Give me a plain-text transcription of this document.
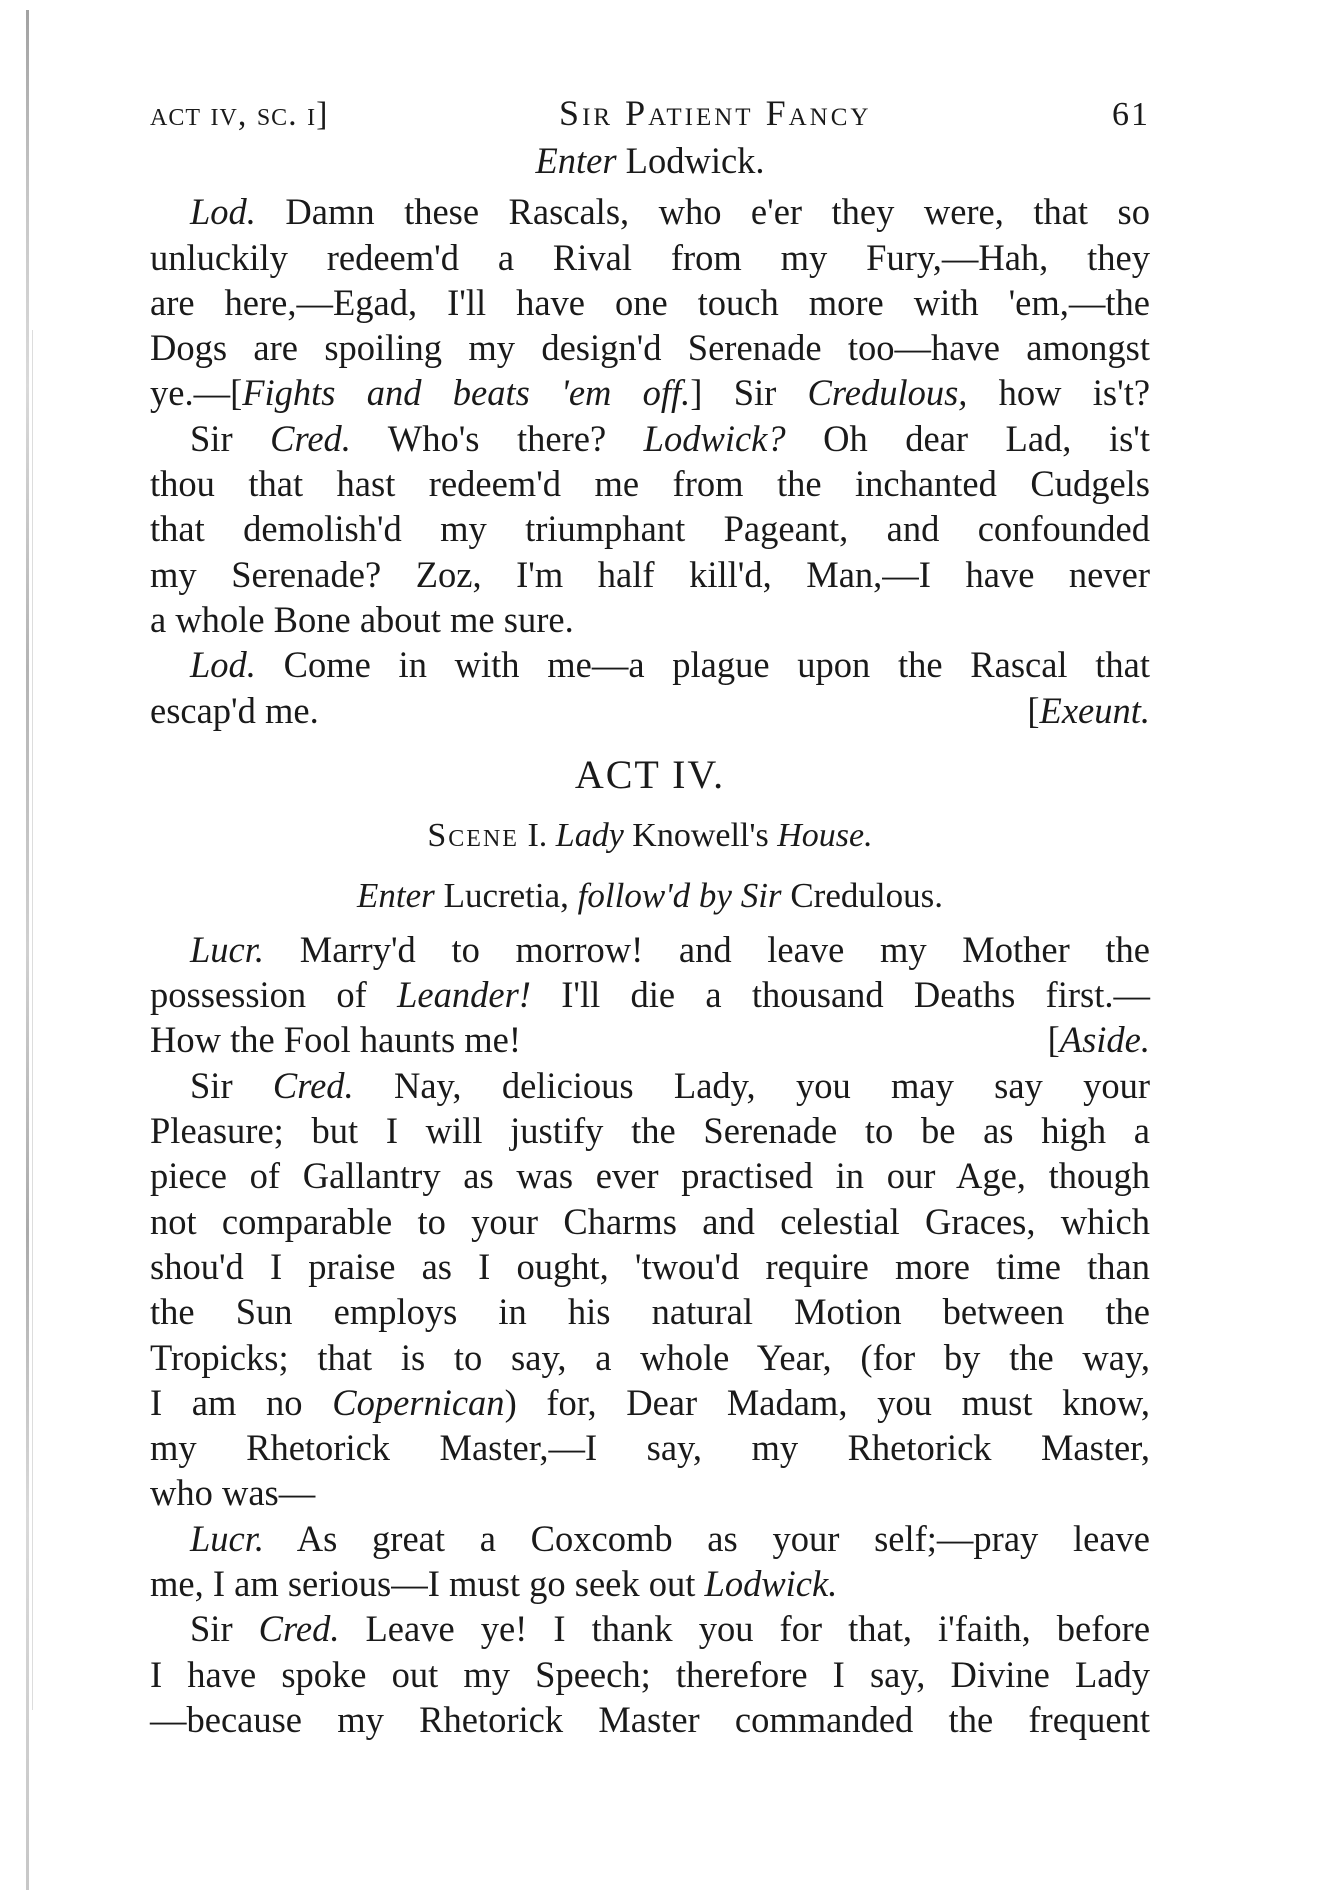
act iv, sc. i]	Sir Patient Fancy	61
Enter Lodwick.
Lod. Damn these Rascals, who e'er they were, that so
unluckily redeem'd a Rival from my Fury,—Hah, they
are here,—Egad, I'll have one touch more with 'em,—the
Dogs are spoiling my design'd Serenade too—have amongst
ye.—[Fights and beats 'em off.] Sir Credulous, how is't?
Sir Cred. Who's there? Lodwick? Oh dear Lad, is't
thou that hast redeem'd me from the inchanted Cudgels
that demolish'd my triumphant Pageant, and confounded
my Serenade? Zoz, I'm half kill'd, Man,—I have never
a whole Bone about me sure.
Lod. Come in with me—a plague upon the Rascal that
escap'd me.	[Exeunt.
ACT IV.
Scene I. Lady Knowell's House.
Enter Lucretia, follow'd by Sir Credulous.
Lucr. Marry'd to morrow! and leave my Mother the
possession of Leander! I'll die a thousand Deaths first.—
How the Fool haunts me!	[Aside.
Sir Cred. Nay, delicious Lady, you may say your
Pleasure; but I will justify the Serenade to be as high a
piece of Gallantry as was ever practised in our Age, though
not comparable to your Charms and celestial Graces, which
shou'd I praise as I ought, 'twou'd require more time than
the Sun employs in his natural Motion between the
Tropicks; that is to say, a whole Year, (for by the way,
I am no Copernican) for, Dear Madam, you must know,
my Rhetorick Master,—I say, my Rhetorick Master,
who was—
Lucr. As great a Coxcomb as your self;—pray leave
me, I am serious—I must go seek out Lodwick.
Sir Cred. Leave ye! I thank you for that, i'faith, before
I have spoke out my Speech; therefore I say, Divine Lady
—because my Rhetorick Master commanded the frequent
